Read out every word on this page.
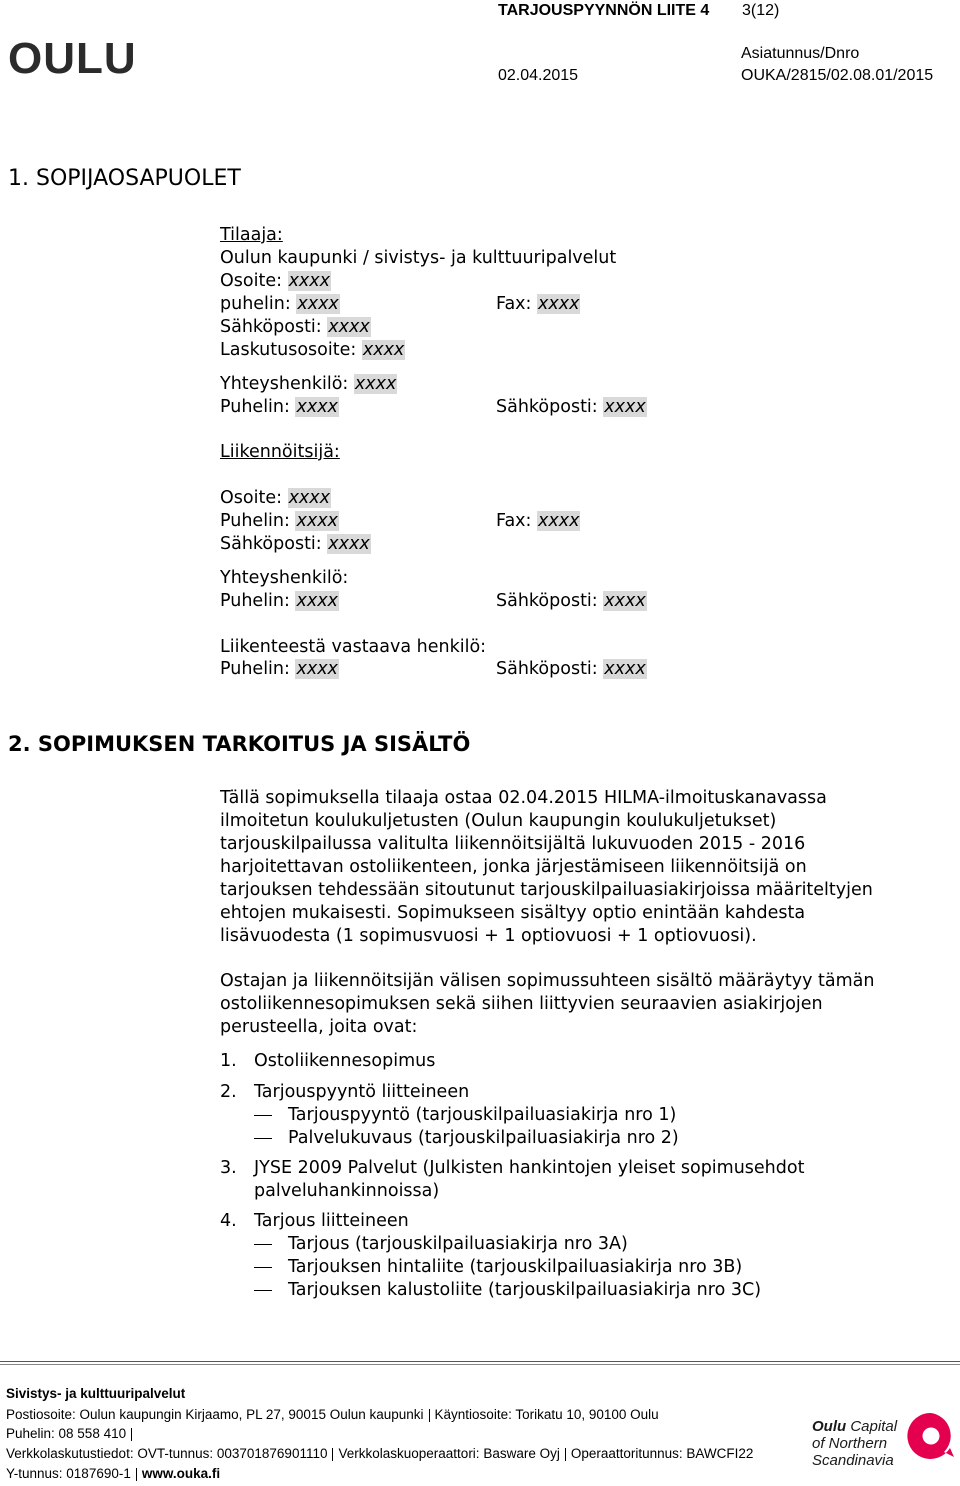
OULU
TARJOUSPYYNNÖN LIITE 4 3(12)
Asiatunnus/Dnro
02.04.2015	OUKA/2815/02.08.01/2015
1. SOPIJAOSAPUOLET
Tilaaja:
Oulun kaupunki / sivistys- ja kulttuuripalvelut
Osoite: xxxx
puhelin: xxxx	Fax: xxxx
Sähköposti: xxxx
Laskutusosoite: xxxx
Yhteyshenkilö: xxxx
Puhelin: xxxx	Sähköposti: xxxx
Liikennöitsijä:
Osoite: xxxx
Puhelin: xxxx	Fax: xxxx
Sähköposti: xxxx
Yhteyshenkilö:
Puhelin: xxxx	Sähköposti: xxxx
Liikenteestä vastaava henkilö:
Puhelin: xxxx	Sähköposti: xxxx
2. SOPIMUKSEN TARKOITUS JA SISÄLTÖ
Tällä sopimuksella tilaaja ostaa 02.04.2015 HILMA-ilmoituskanavassa
ilmoitetun koulukuljetusten (Oulun kaupungin koulukuljetukset)
tarjouskilpailussa valitulta liikennöitsijältä lukuvuoden 2015 - 2016
harjoitettavan ostoliikenteen, jonka järjestämiseen liikennöitsijä on
tarjouksen tehdessään sitoutunut tarjouskilpailuasiakirjoissa määriteltyjen
ehtojen mukaisesti. Sopimukseen sisältyy optio enintään kahdesta
lisävuodesta (1 sopimusvuosi + 1 optiovuosi + 1 optiovuosi).
Ostajan ja liikennöitsijän välisen sopimussuhteen sisältö määräytyy tämän
ostoliikennesopimuksen sekä siihen liittyvien seuraavien asiakirjojen
perusteella, joita ovat:
1. Ostoliikennesopimus
2. Tarjouspyyntö liitteineen
Tarjouspyyntö (tarjouskilpailuasiakirja nro 1)
Palvelukuvaus (tarjouskilpailuasiakirja nro 2)
3. JYSE 2009 Palvelut (Julkisten hankintojen yleiset sopimusehdot
palveluhankinnoissa)
4. Tarjous liitteineen
Tarjous (tarjouskilpailuasiakirja nro 3A)
Tarjouksen hintaliite (tarjouskilpailuasiakirja nro 3B)
Tarjouksen kalustoliite (tarjouskilpailuasiakirja nro 3C)
Sivistys- ja kulttuuripalvelut
Postiosoite: Oulun kaupungin Kirjaamo, PL 27, 90015 Oulun kaupunki Käyntiosoite: Torikatu 10, 90100 Oulu
Puhelin: 08 558 410
Verkkolaskutustiedot: OVT-tunnus: 003701876901110 Verkkolaskuoperaattori: Basware Oyj Operaattoritunnus: BAWCFI22
Y-tunnus: 0187690-1 www.ouka.fi
Oulu Capital
of Northern
Scandinavia
